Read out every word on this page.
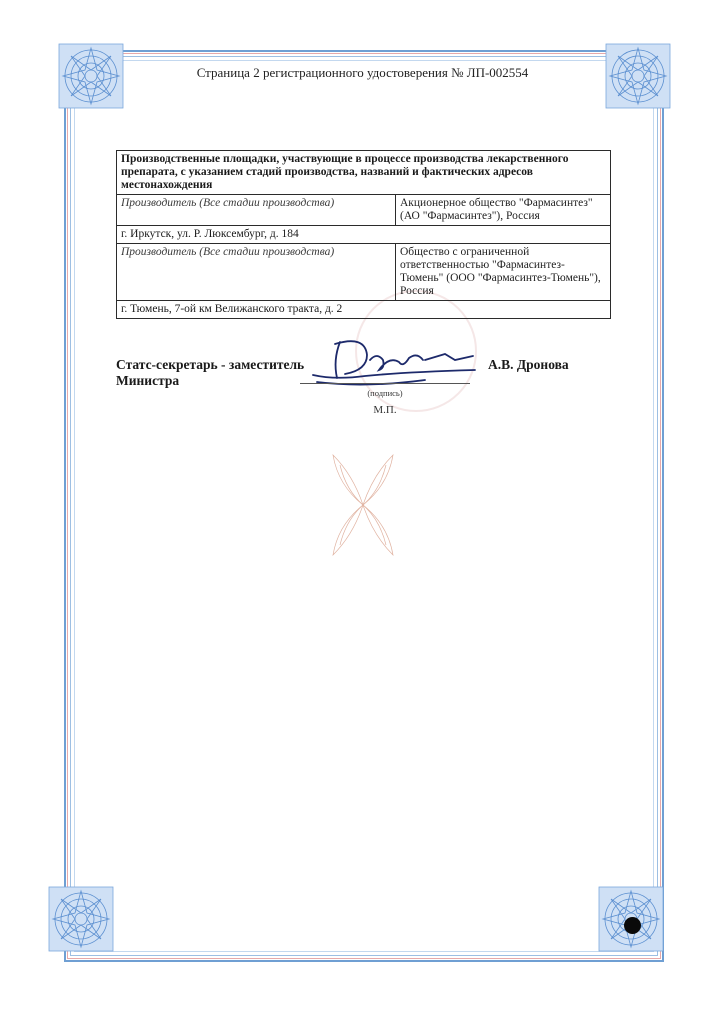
Страница 2 регистрационного удостоверения № ЛП-002554
Производственные площадки, участвующие в процессе производства лекарственного препарата, с указанием стадий производства, названий и фактических адресов местонахождения	
Производитель (Все стадии производства)	Акционерное общество "Фармасинтез" (АО "Фармасинтез"), Россия
г. Иркутск, ул. Р. Люксембург, д. 184	
Производитель (Все стадии производства)	Общество с ограниченной ответственностью "Фармасинтез-Тюмень" (ООО "Фармасинтез-Тюмень"), Россия
г. Тюмень, 7-ой км Велижанского тракта, д. 2	
Статс-секретарь - заместитель
Министра
(подпись)
М.П.
А.В. Дронова
